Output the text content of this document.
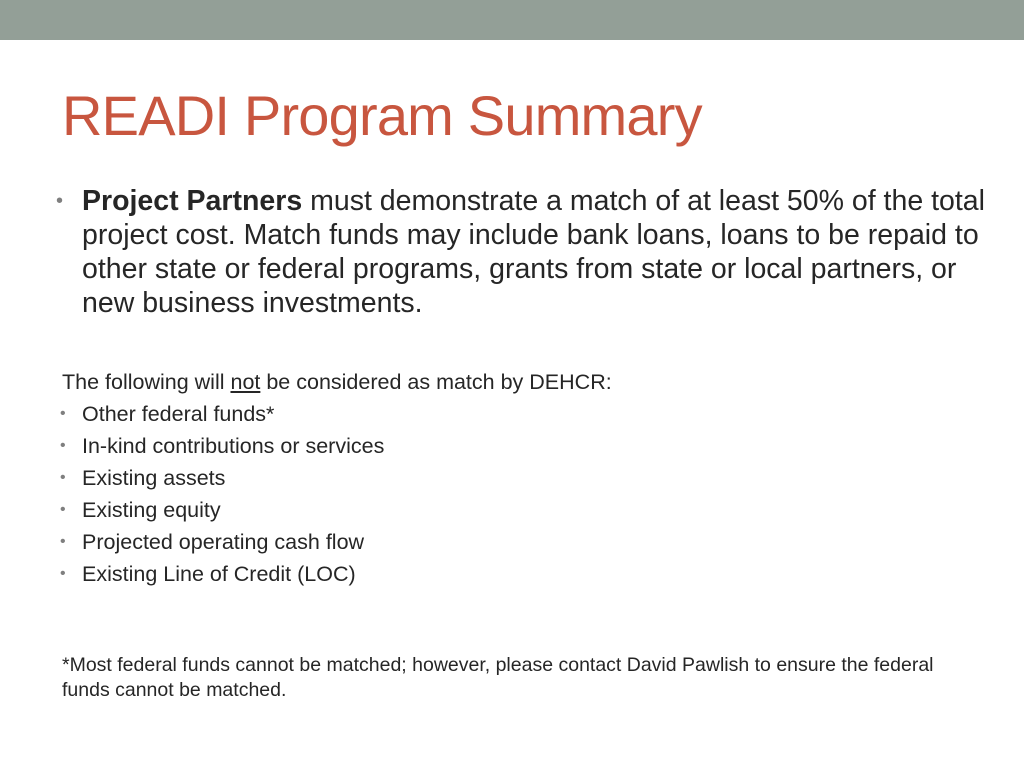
READI Program Summary
• Project Partners must demonstrate a match of at least 50% of the total project cost. Match funds may include bank loans, loans to be repaid to other state or federal programs, grants from state or local partners, or new business investments.
The following will not be considered as match by DEHCR:
• Other federal funds*
• In-kind contributions or services
• Existing assets
• Existing equity
• Projected operating cash flow
• Existing Line of Credit (LOC)

*Most federal funds cannot be matched; however, please contact David Pawlish to ensure the federal funds cannot be matched.
